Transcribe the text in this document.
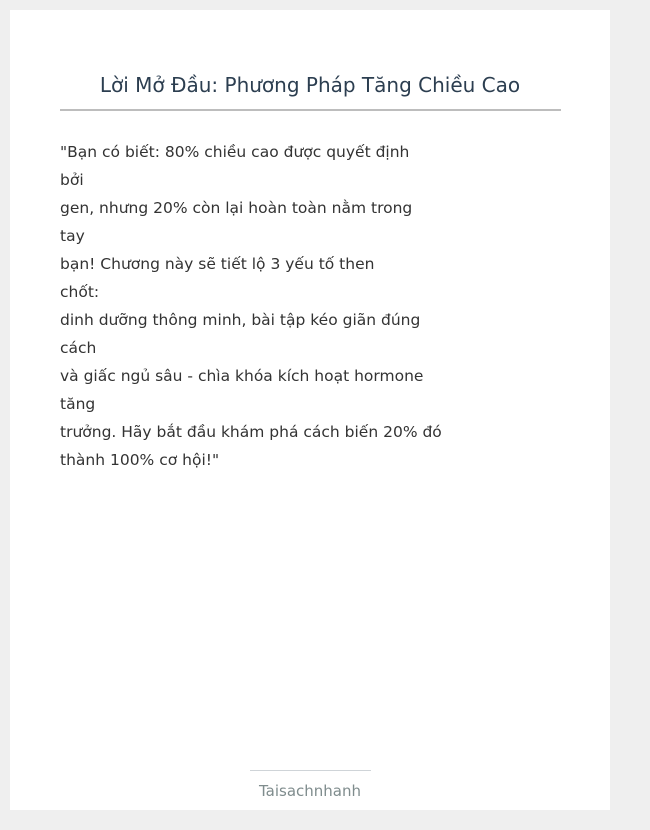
Lời Mở Đầu: Phương Pháp Tăng Chiều Cao
"Bạn có biết: 80% chiều cao được quyết định
bởi
gen, nhưng 20% còn lại hoàn toàn nằm trong
tay
bạn! Chương này sẽ tiết lộ 3 yếu tố then
chốt:
dinh dưỡng thông minh, bài tập kéo giãn đúng
cách
và giấc ngủ sâu - chìa khóa kích hoạt hormone
tăng
trưởng. Hãy bắt đầu khám phá cách biến 20% đó
thành 100% cơ hội!"
Taisachnhanh
